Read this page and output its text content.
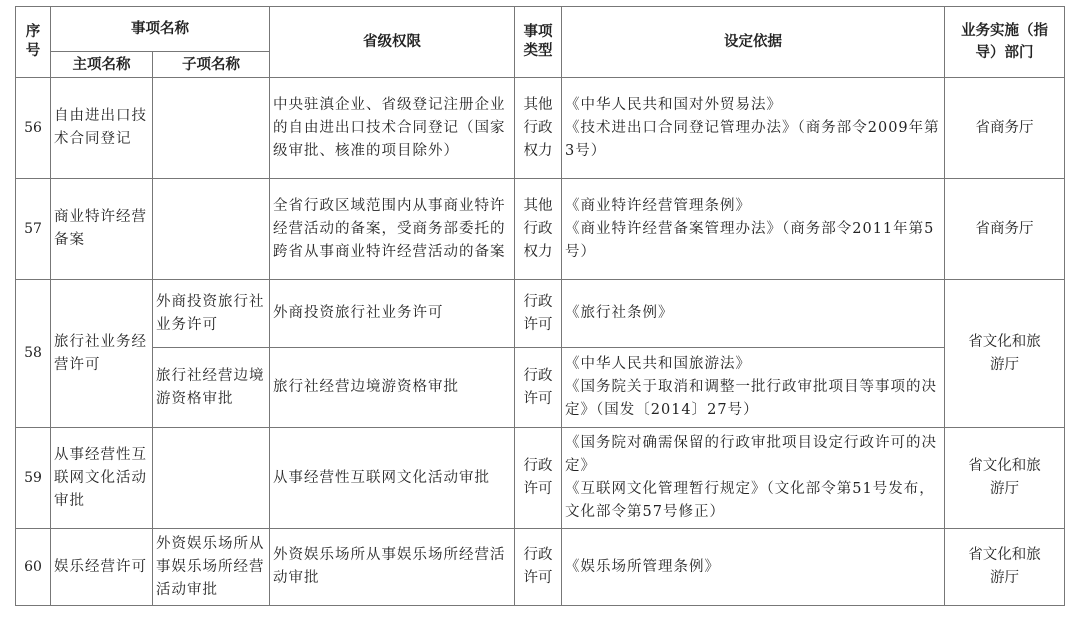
序号	事项名称		省级权限	事项类型	设定依据	业务实施（指导）部门
	主项名称	子项名称				
56	自由进出口技术合同登记		中央驻滇企业、省级登记注册企业的自由进出口技术合同登记（国家级审批、核准的项目除外）	其他行政权力	《中华人民共和国对外贸易法》
《技术进出口合同登记管理办法》（商务部令2009年第3号）	省商务厅
57	商业特许经营备案		全省行政区域范围内从事商业特许经营活动的备案，受商务部委托的跨省从事商业特许经营活动的备案	其他行政权力	《商业特许经营管理条例》
《商业特许经营备案管理办法》（商务部令2011年第5号）	省商务厅
58	旅行社业务经营许可	外商投资旅行社业务许可	外商投资旅行社业务许可	行政许可	《旅行社条例》	省文化和旅游厅
		旅行社经营边境游资格审批	旅行社经营边境游资格审批	行政许可	《中华人民共和国旅游法》
《国务院关于取消和调整一批行政审批项目等事项的决定》（国发〔2014〕27号）	

59	从事经营性互联网文化活动审批		从事经营性互联网文化活动审批	行政许可	《国务院对确需保留的行政审批项目设定行政许可的决定》
《互联网文化管理暂行规定》（文化部令第51号发布，文化部令第57号修正）	省文化和旅游厅
60	娱乐经营许可	外资娱乐场所从事娱乐场所经营活动审批	外资娱乐场所从事娱乐场所经营活动审批	行政许可	《娱乐场所管理条例》	省文化和旅游厅
